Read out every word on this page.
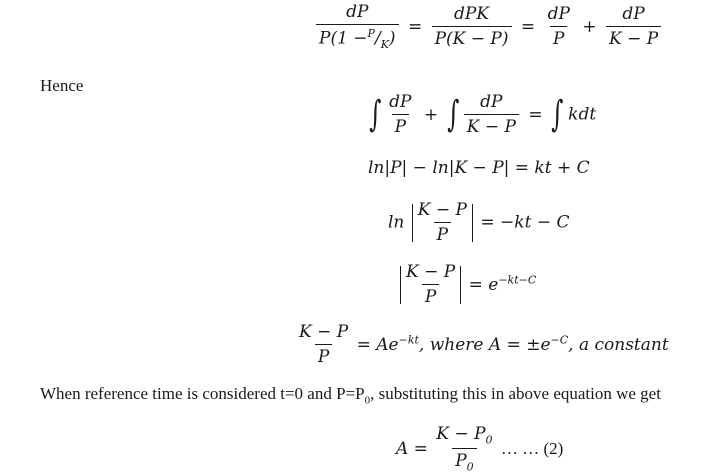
$\frac{dP}{P(1 -^P/_K)} = \frac{\text{dPK}}{P(K - P)} = \frac{dP}{P} + \frac{dP}{K - P}$
Hence
∫ $\frac{dP}{P}$ + ∫ $\frac{dP}{K - P}$ = ∫ kdt
ln|P| − ln|K − P| = kt + C
$\ln \frac{K - P}{P} = -kt - C$
$\frac{K - P}{P} = e^{-kt-C}$
$\frac{K - P}{P} = Ae^{-kt}$, where $A = \pm e^{-C}$, a constant
When reference time is considered t=0 and $P=P_0$, substituting this in above equation we get
$A = \frac{K - P_0}{P_0}$ … … (2)
